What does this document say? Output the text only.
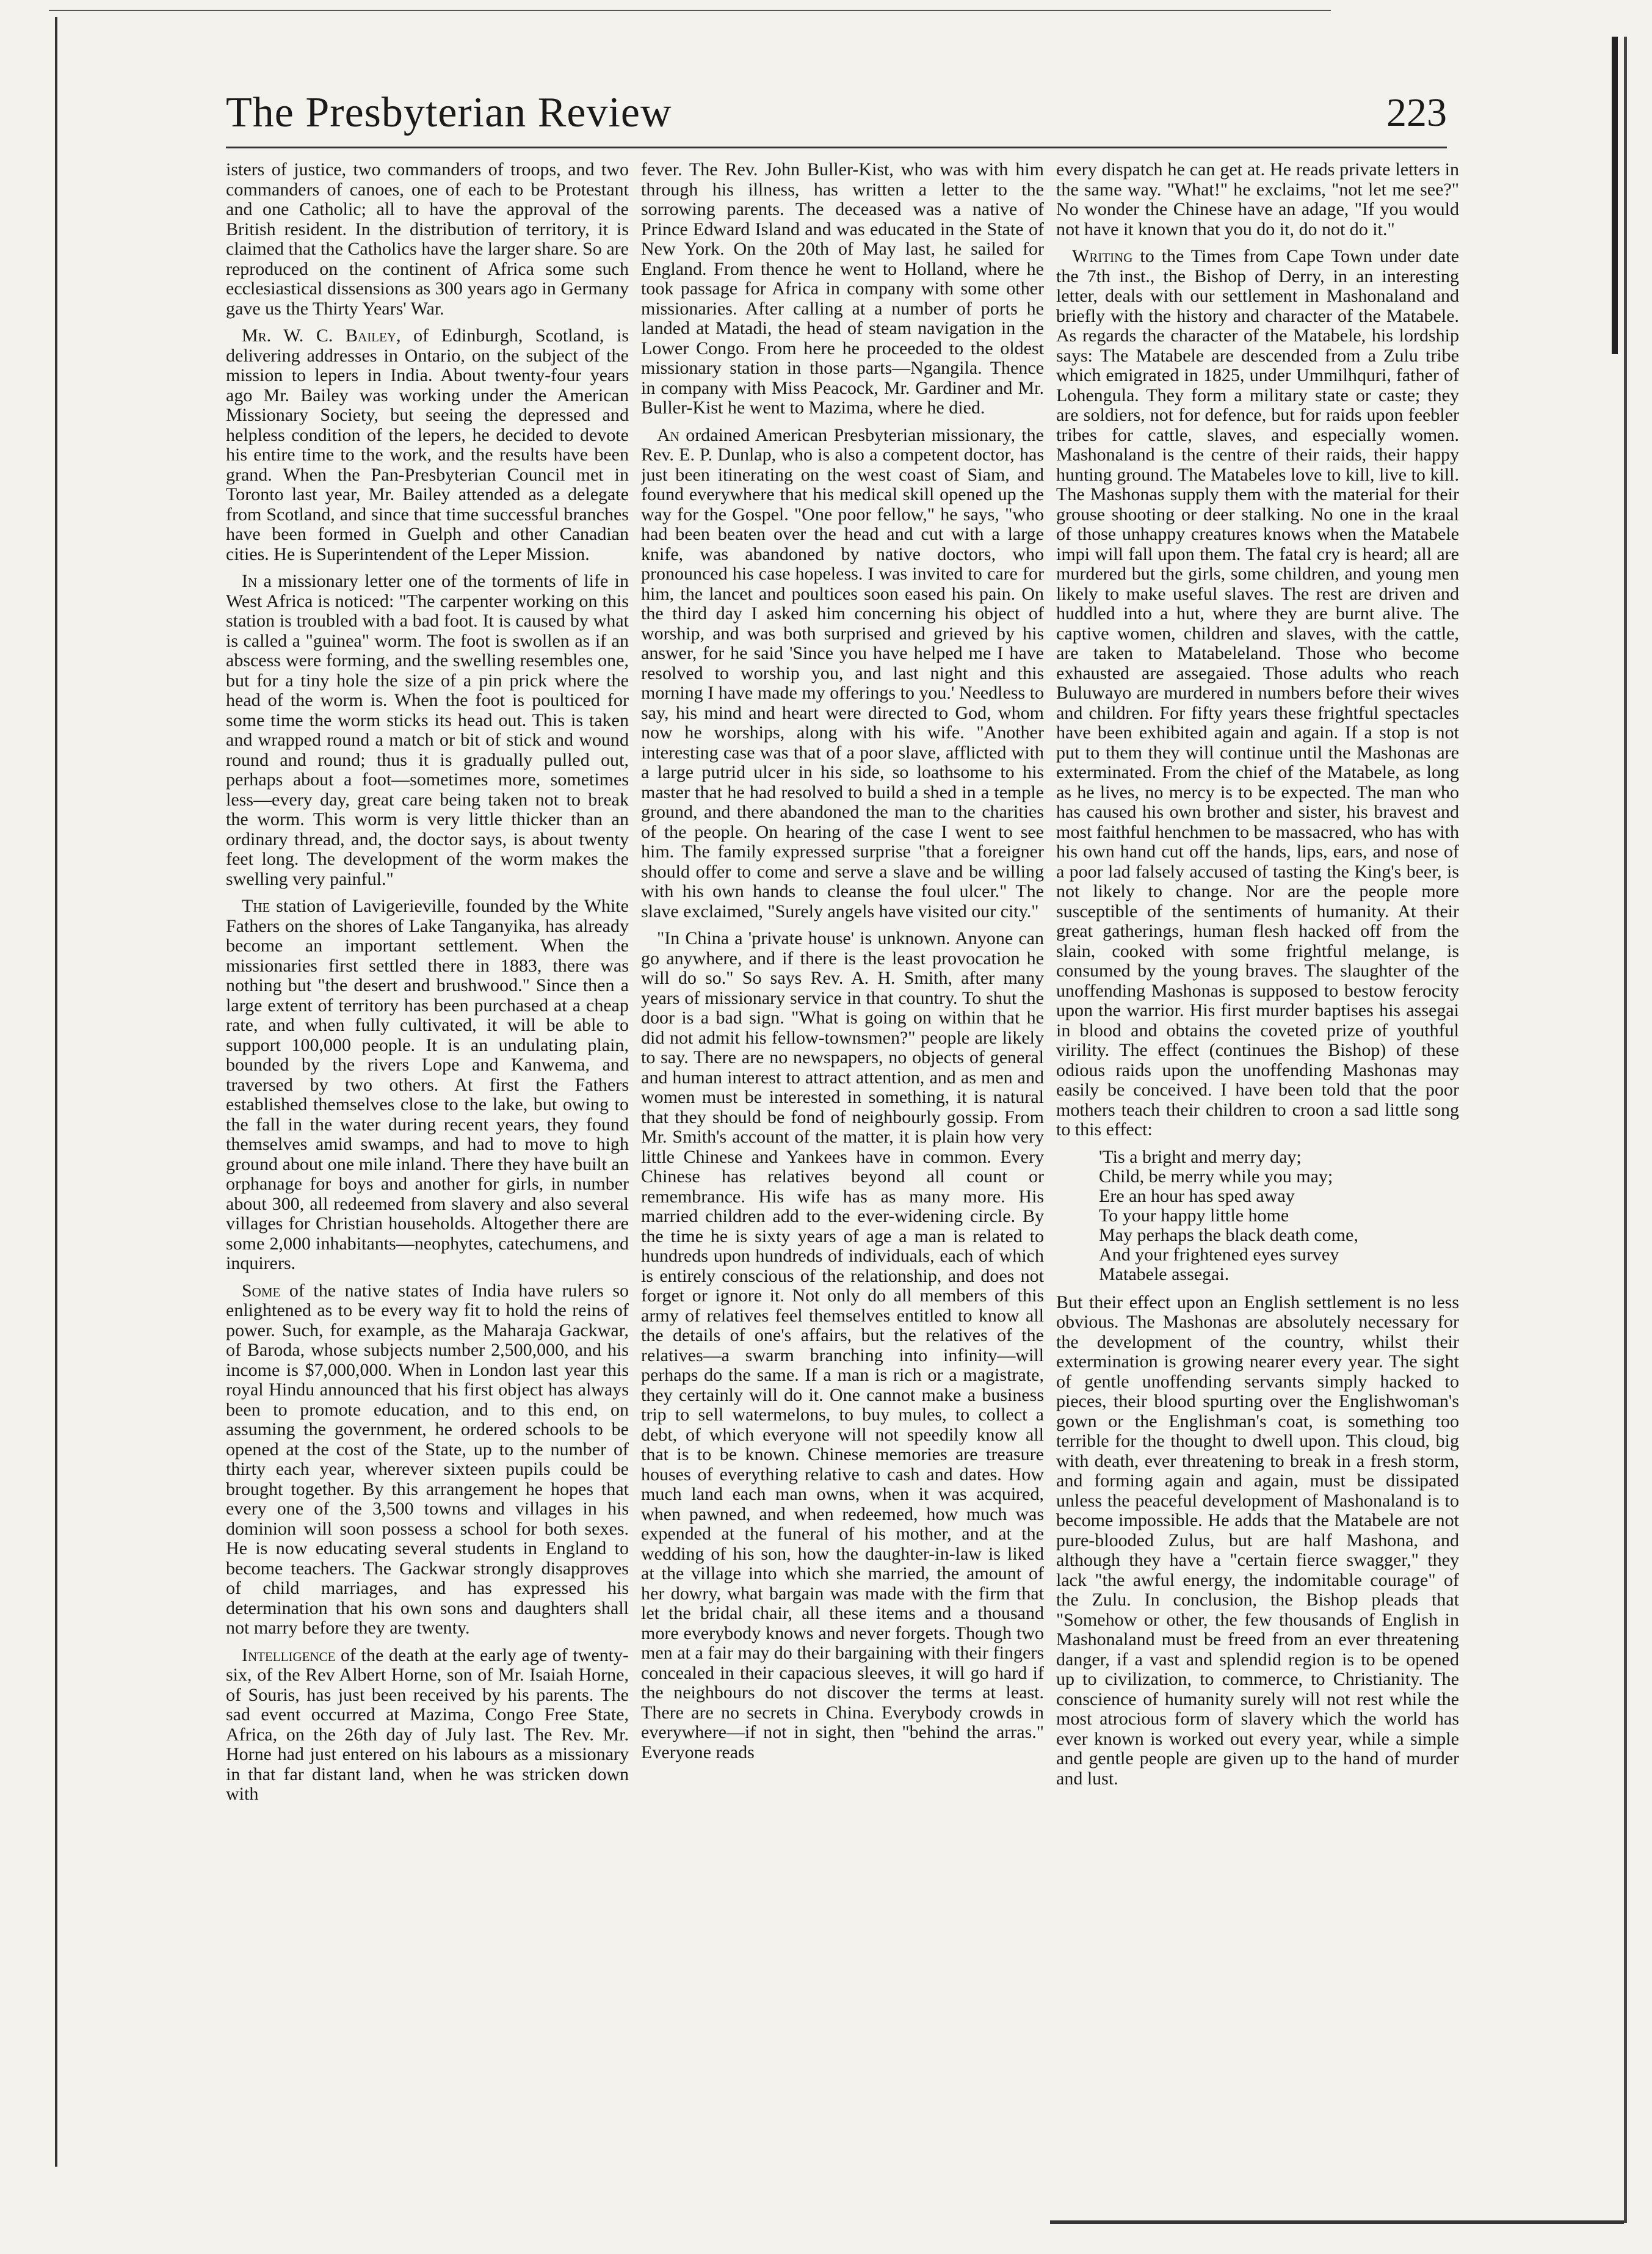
The Presbyterian Review	223

isters of justice, two commanders of troops, and two commanders of canoes, one of each to be Protestant and one Catholic; all to have the approval of the British resident. In the distribution of territory, it is claimed that the Catholics have the larger share. So are reproduced on the continent of Africa some such ecclesiastical dissensions as 300 years ago in Germany gave us the Thirty Years' War.

Mr. W. C. Bailey, of Edinburgh, Scotland, is delivering addresses in Ontario, on the subject of the mission to lepers in India. About twenty-four years ago Mr. Bailey was working under the American Missionary Society, but seeing the depressed and helpless condition of the lepers, he decided to devote his entire time to the work, and the results have been grand. When the Pan-Presbyterian Council met in Toronto last year, Mr. Bailey attended as a delegate from Scotland, and since that time successful branches have been formed in Guelph and other Canadian cities. He is Superintendent of the Leper Mission.

In a missionary letter one of the torments of life in West Africa is noticed: "The carpenter working on this station is troubled with a bad foot. It is caused by what is called a "guinea" worm. The foot is swollen as if an abscess were forming, and the swelling resembles one, but for a tiny hole the size of a pin prick where the head of the worm is. When the foot is poulticed for some time the worm sticks its head out. This is taken and wrapped round a match or bit of stick and wound round and round; thus it is gradually pulled out, perhaps about a foot—sometimes more, sometimes less—every day, great care being taken not to break the worm. This worm is very little thicker than an ordinary thread, and, the doctor says, is about twenty feet long. The development of the worm makes the swelling very painful."

The station of Lavigerieville, founded by the White Fathers on the shores of Lake Tanganyika, has already become an important settlement. When the missionaries first settled there in 1883, there was nothing but "the desert and brushwood." Since then a large extent of territory has been purchased at a cheap rate, and when fully cultivated, it will be able to support 100,000 people. It is an undulating plain, bounded by the rivers Lope and Kanwema, and traversed by two others. At first the Fathers established themselves close to the lake, but owing to the fall in the water during recent years, they found themselves amid swamps, and had to move to high ground about one mile inland. There they have built an orphanage for boys and another for girls, in number about 300, all redeemed from slavery and also several villages for Christian households. Altogether there are some 2,000 inhabitants—neophytes, catechumens, and inquirers.

Some of the native states of India have rulers so enlightened as to be every way fit to hold the reins of power. Such, for example, as the Maharaja Gackwar, of Baroda, whose subjects number 2,500,000, and his income is $7,000,000. When in London last year this royal Hindu announced that his first object has always been to promote education, and to this end, on assuming the government, he ordered schools to be opened at the cost of the State, up to the number of thirty each year, wherever sixteen pupils could be brought together. By this arrangement he hopes that every one of the 3,500 towns and villages in his dominion will soon possess a school for both sexes. He is now educating several students in England to become teachers. The Gackwar strongly disapproves of child marriages, and has expressed his determination that his own sons and daughters shall not marry before they are twenty.

Intelligence of the death at the early age of twenty-six, of the Rev Albert Horne, son of Mr. Isaiah Horne, of Souris, has just been received by his parents. The sad event occurred at Mazima, Congo Free State, Africa, on the 26th day of July last. The Rev. Mr. Horne had just entered on his labours as a missionary in that far distant land, when he was stricken down with

fever. The Rev. John Buller-Kist, who was with him through his illness, has written a letter to the sorrowing parents. The deceased was a native of Prince Edward Island and was educated in the State of New York. On the 20th of May last, he sailed for England. From thence he went to Holland, where he took passage for Africa in company with some other missionaries. After calling at a number of ports he landed at Matadi, the head of steam navigation in the Lower Congo. From here he proceeded to the oldest missionary station in those parts—Ngangila. Thence in company with Miss Peacock, Mr. Gardiner and Mr. Buller-Kist he went to Mazima, where he died.

An ordained American Presbyterian missionary, the Rev. E. P. Dunlap, who is also a competent doctor, has just been itinerating on the west coast of Siam, and found everywhere that his medical skill opened up the way for the Gospel. "One poor fellow," he says, "who had been beaten over the head and cut with a large knife, was abandoned by native doctors, who pronounced his case hopeless. I was invited to care for him, the lancet and poultices soon eased his pain. On the third day I asked him concerning his object of worship, and was both surprised and grieved by his answer, for he said 'Since you have helped me I have resolved to worship you, and last night and this morning I have made my offerings to you.' Needless to say, his mind and heart were directed to God, whom now he worships, along with his wife. "Another interesting case was that of a poor slave, afflicted with a large putrid ulcer in his side, so loathsome to his master that he had resolved to build a shed in a temple ground, and there abandoned the man to the charities of the people. On hearing of the case I went to see him. The family expressed surprise "that a foreigner should offer to come and serve a slave and be willing with his own hands to cleanse the foul ulcer." The slave exclaimed, "Surely angels have visited our city."

"In China a 'private house' is unknown. Anyone can go anywhere, and if there is the least provocation he will do so." So says Rev. A. H. Smith, after many years of missionary service in that country. To shut the door is a bad sign. "What is going on within that he did not admit his fellow-townsmen?" people are likely to say. There are no newspapers, no objects of general and human interest to attract attention, and as men and women must be interested in something, it is natural that they should be fond of neighbourly gossip. From Mr. Smith's account of the matter, it is plain how very little Chinese and Yankees have in common. Every Chinese has relatives beyond all count or remembrance. His wife has as many more. His married children add to the ever-widening circle. By the time he is sixty years of age a man is related to hundreds upon hundreds of individuals, each of which is entirely conscious of the relationship, and does not forget or ignore it. Not only do all members of this army of relatives feel themselves entitled to know all the details of one's affairs, but the relatives of the relatives—a swarm branching into infinity—will perhaps do the same. If a man is rich or a magistrate, they certainly will do it. One cannot make a business trip to sell watermelons, to buy mules, to collect a debt, of which everyone will not speedily know all that is to be known. Chinese memories are treasure houses of everything relative to cash and dates. How much land each man owns, when it was acquired, when pawned, and when redeemed, how much was expended at the funeral of his mother, and at the wedding of his son, how the daughter-in-law is liked at the village into which she married, the amount of her dowry, what bargain was made with the firm that let the bridal chair, all these items and a thousand more everybody knows and never forgets. Though two men at a fair may do their bargaining with their fingers concealed in their capacious sleeves, it will go hard if the neighbours do not discover the terms at least. There are no secrets in China. Everybody crowds in everywhere—if not in sight, then "behind the arras." Everyone reads

every dispatch he can get at. He reads private letters in the same way. "What!" he exclaims, "not let me see?" No wonder the Chinese have an adage, "If you would not have it known that you do it, do not do it."

Writing to the Times from Cape Town under date the 7th inst., the Bishop of Derry, in an interesting letter, deals with our settlement in Mashonaland and briefly with the history and character of the Matabele. As regards the character of the Matabele, his lordship says: The Matabele are descended from a Zulu tribe which emigrated in 1825, under Ummilhquri, father of Lohengula. They form a military state or caste; they are soldiers, not for defence, but for raids upon feebler tribes for cattle, slaves, and especially women. Mashonaland is the centre of their raids, their happy hunting ground. The Matabeles love to kill, live to kill. The Mashonas supply them with the material for their grouse shooting or deer stalking. No one in the kraal of those unhappy creatures knows when the Matabele impi will fall upon them. The fatal cry is heard; all are murdered but the girls, some children, and young men likely to make useful slaves. The rest are driven and huddled into a hut, where they are burnt alive. The captive women, children and slaves, with the cattle, are taken to Matabeleland. Those who become exhausted are assegaied. Those adults who reach Buluwayo are murdered in numbers before their wives and children. For fifty years these frightful spectacles have been exhibited again and again. If a stop is not put to them they will continue until the Mashonas are exterminated. From the chief of the Matabele, as long as he lives, no mercy is to be expected. The man who has caused his own brother and sister, his bravest and most faithful henchmen to be massacred, who has with his own hand cut off the hands, lips, ears, and nose of a poor lad falsely accused of tasting the King's beer, is not likely to change. Nor are the people more susceptible of the sentiments of humanity. At their great gatherings, human flesh hacked off from the slain, cooked with some frightful melange, is consumed by the young braves. The slaughter of the unoffending Mashonas is supposed to bestow ferocity upon the warrior. His first murder baptises his assegai in blood and obtains the coveted prize of youthful virility. The effect (continues the Bishop) of these odious raids upon the unoffending Mashonas may easily be conceived. I have been told that the poor mothers teach their children to croon a sad little song to this effect:

'Tis a bright and merry day;
Child, be merry while you may;
Ere an hour has sped away
To your happy little home
May perhaps the black death come,
And your frightened eyes survey
Matabele assegai.

But their effect upon an English settlement is no less obvious. The Mashonas are absolutely necessary for the development of the country, whilst their extermination is growing nearer every year. The sight of gentle unoffending servants simply hacked to pieces, their blood spurting over the Englishwoman's gown or the Englishman's coat, is something too terrible for the thought to dwell upon. This cloud, big with death, ever threatening to break in a fresh storm, and forming again and again, must be dissipated unless the peaceful development of Mashonaland is to become impossible. He adds that the Matabele are not pure-blooded Zulus, but are half Mashona, and although they have a "certain fierce swagger," they lack "the awful energy, the indomitable courage" of the Zulu. In conclusion, the Bishop pleads that "Somehow or other, the few thousands of English in Mashonaland must be freed from an ever threatening danger, if a vast and splendid region is to be opened up to civilization, to commerce, to Christianity. The conscience of humanity surely will not rest while the most atrocious form of slavery which the world has ever known is worked out every year, while a simple and gentle people are given up to the hand of murder and lust.
